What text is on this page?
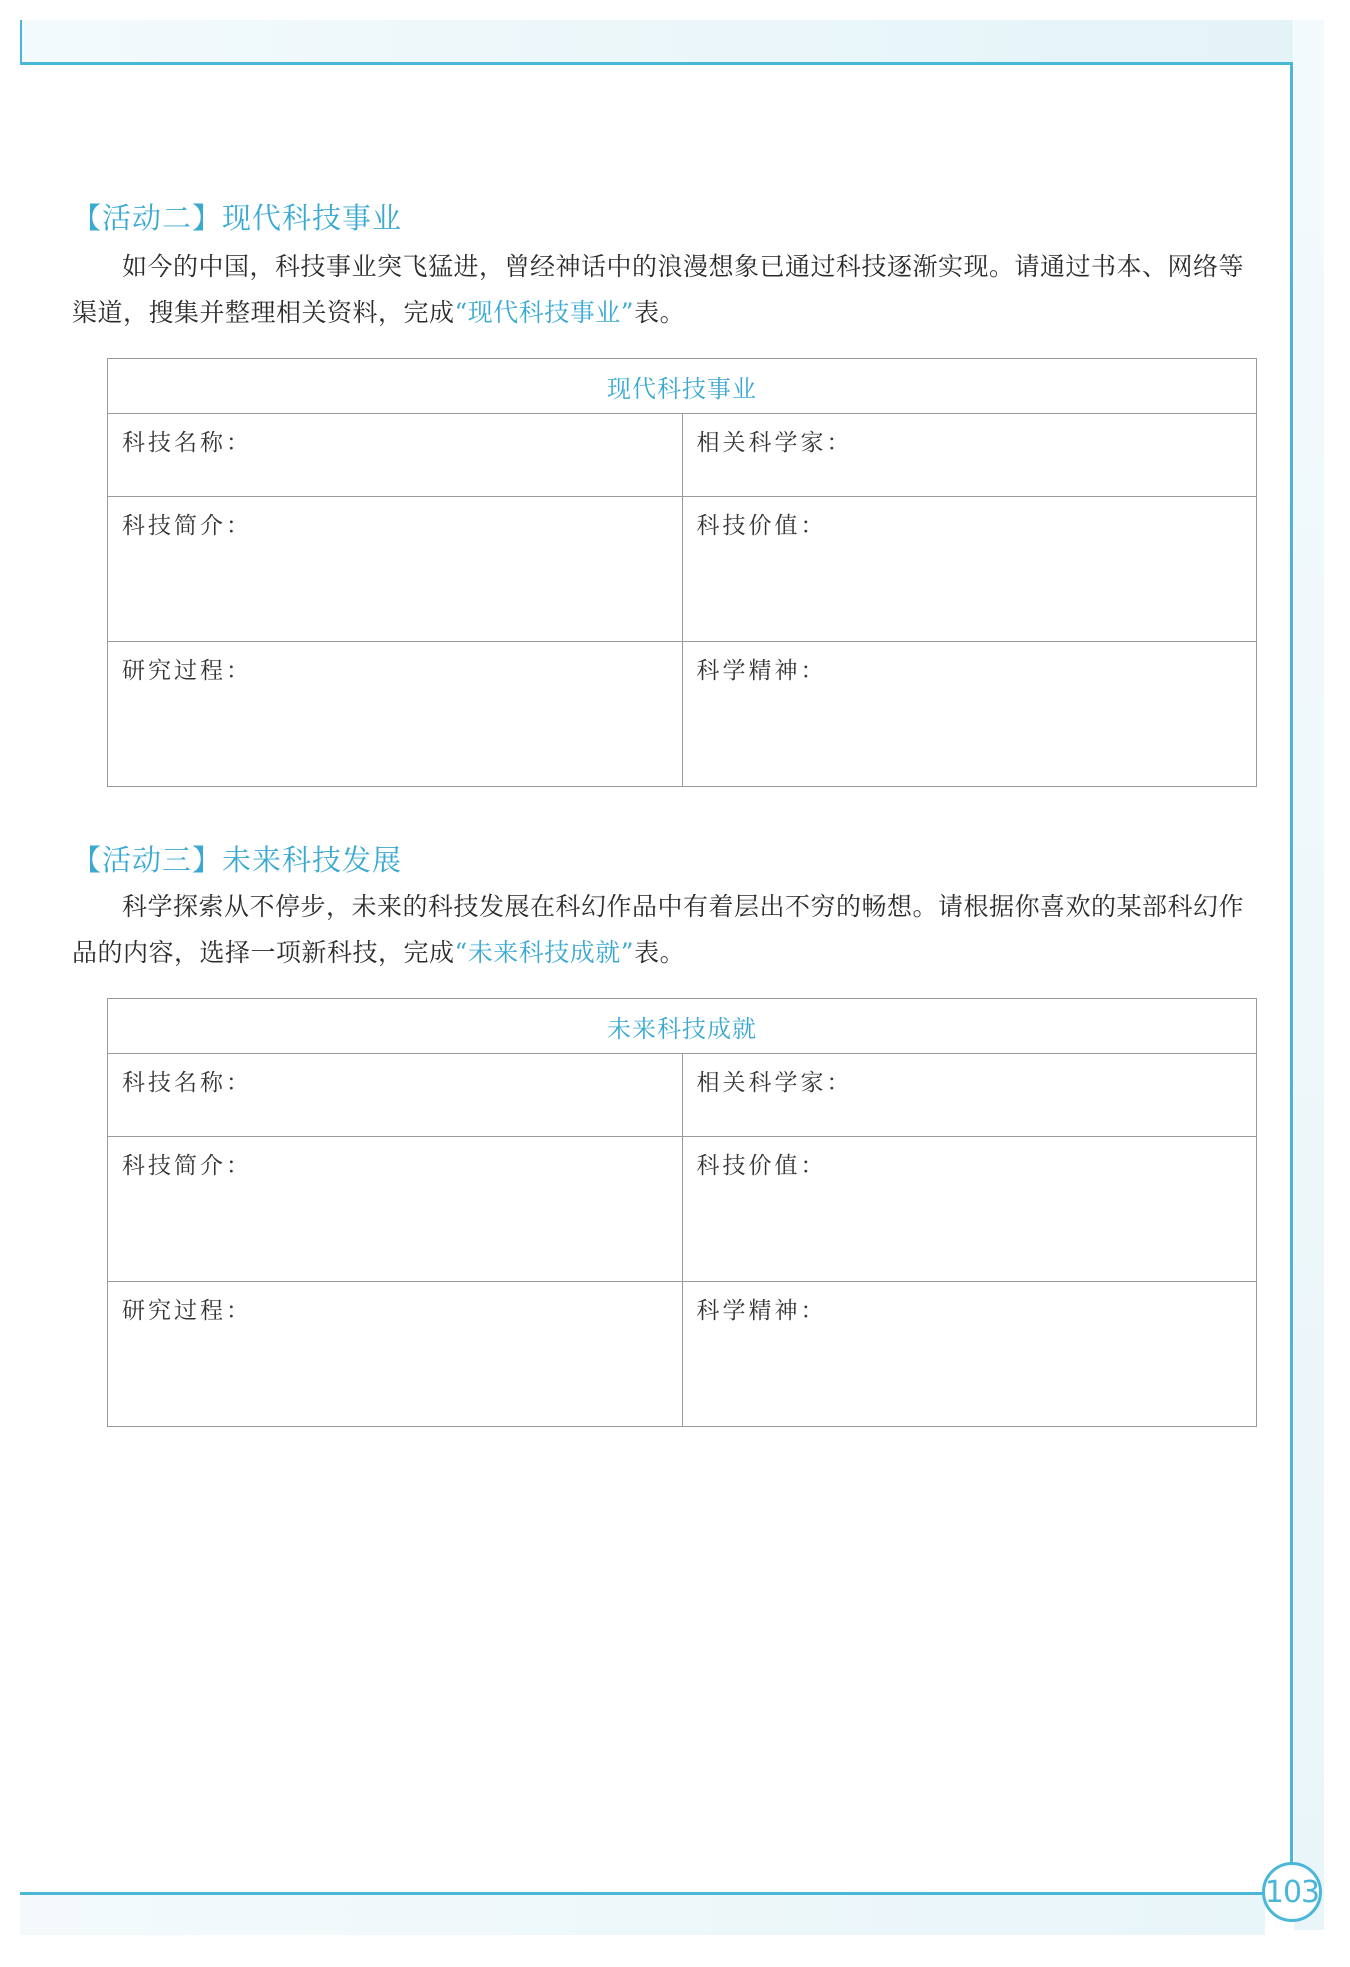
103
【活动二】现代科技事业
如今的中国，科技事业突飞猛进，曾经神话中的浪漫想象已通过科技逐渐实现。请通过书本、网络等渠道，搜集并整理相关资料，完成“现代科技事业”表。
现代科技事业	
科技名称：	相关科学家：
科技简介：	科技价值：
研究过程：	科学精神：
【活动三】未来科技发展
科学探索从不停步，未来的科技发展在科幻作品中有着层出不穷的畅想。请根据你喜欢的某部科幻作品的内容，选择一项新科技，完成“未来科技成就”表。
未来科技成就	
科技名称：	相关科学家：
科技简介：	科技价值：
研究过程：	科学精神：
